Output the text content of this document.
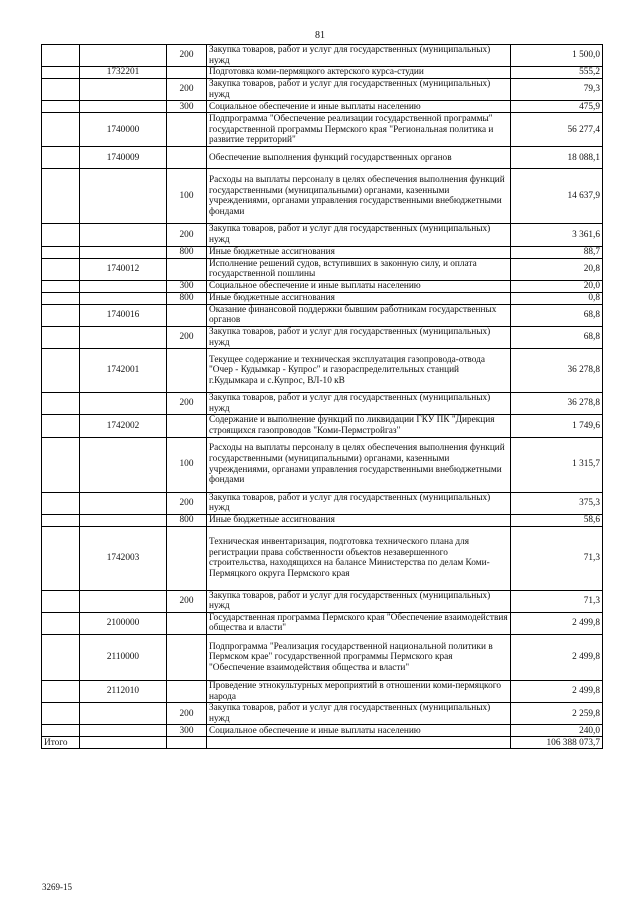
81
		200	Закупка товаров, работ и услуг для государственных (муниципальных) нужд	1 500,0
	1732201		Подготовка коми-пермяцкого актерского курса-студии	555,2
		200	Закупка товаров, работ и услуг для государственных (муниципальных) нужд	79,3
		300	Социальное обеспечение и иные выплаты населению	475,9
	1740000		Подпрограмма "Обеспечение реализации государственной программы" государственной программы Пермского края "Региональная политика и развитие территорий"	56 277,4
	1740009		Обеспечение выполнения функций государственных органов	18 088,1
		100	Расходы на выплаты персоналу в целях обеспечения выполнения функций государственными (муниципальными) органами, казенными учреждениями, органами управления государственными внебюджетными фондами	14 637,9
		200	Закупка товаров, работ и услуг для государственных (муниципальных) нужд	3 361,6
		800	Иные бюджетные ассигнования	88,7
	1740012		Исполнение решений судов, вступивших в законную силу, и оплата государственной пошлины	20,8
		300	Социальное обеспечение и иные выплаты населению	20,0
		800	Иные бюджетные ассигнования	0,8
	1740016		Оказание финансовой поддержки бывшим работникам государственных органов	68,8
		200	Закупка товаров, работ и услуг для государственных (муниципальных) нужд	68,8
	1742001		Текущее содержание и техническая эксплуатация газопровода-отвода "Очер - Кудымкар - Купрос" и газораспределительных станций г.Кудымкара и с.Купрос, ВЛ-10 кВ	36 278,8
		200	Закупка товаров, работ и услуг для государственных (муниципальных) нужд	36 278,8
	1742002		Содержание и выполнение функций по ликвидации ГКУ ПК "Дирекция строящихся газопроводов "Коми-Пермстройгаз"	1 749,6
		100	Расходы на выплаты персоналу в целях обеспечения выполнения функций государственными (муниципальными) органами, казенными учреждениями, органами управления государственными внебюджетными фондами	1 315,7
		200	Закупка товаров, работ и услуг для государственных (муниципальных) нужд	375,3
		800	Иные бюджетные ассигнования	58,6
	1742003		Техническая инвентаризация, подготовка технического плана для регистрации права собственности объектов незавершенного строительства, находящихся на балансе Министерства по делам Коми-Пермяцкого округа Пермского края	71,3
		200	Закупка товаров, работ и услуг для государственных (муниципальных) нужд	71,3
	2100000		Государственная программа Пермского края "Обеспечение взаимодействия общества и власти"	2 499,8
	2110000		Подпрограмма "Реализация государственной национальной политики в Пермском крае" государственной программы Пермского края "Обеспечение взаимодействия общества и власти"	2 499,8
	2112010		Проведение этнокультурных мероприятий в отношении коми-пермяцкого народа	2 499,8
		200	Закупка товаров, работ и услуг для государственных (муниципальных) нужд	2 259,8
		300	Социальное обеспечение и иные выплаты населению	240,0
Итого				106 388 073,7
3269-15
